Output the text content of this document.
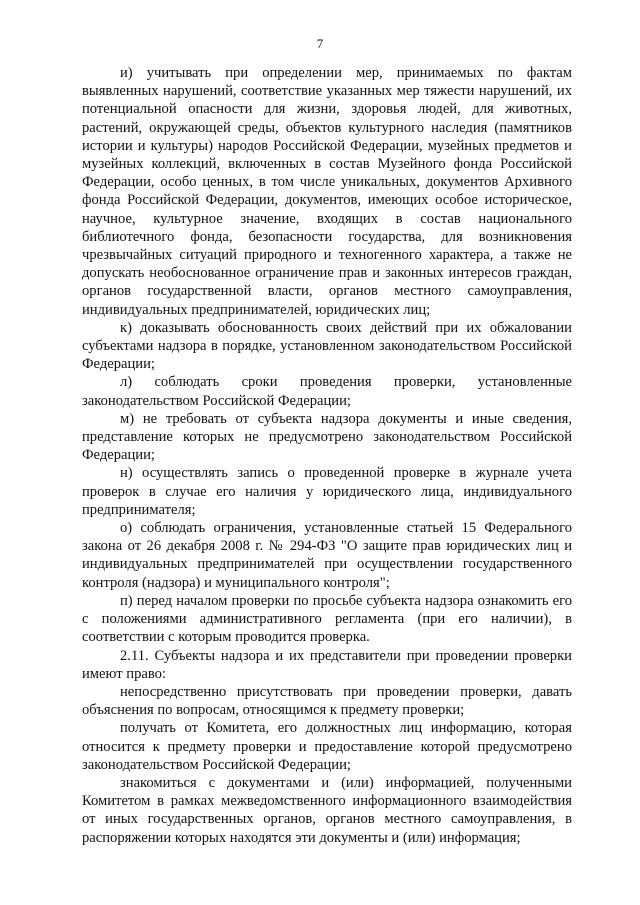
7

и) учитывать при определении мер, принимаемых по фактам выявленных нарушений, соответствие указанных мер тяжести нарушений, их потенциальной опасности для жизни, здоровья людей, для животных, растений, окружающей среды, объектов культурного наследия (памятников истории и культуры) народов Российской Федерации, музейных предметов и музейных коллекций, включенных в состав Музейного фонда Российской Федерации, особо ценных, в том числе уникальных, документов Архивного фонда Российской Федерации, документов, имеющих особое историческое, научное, культурное значение, входящих в состав национального библиотечного фонда, безопасности государства, для возникновения чрезвычайных ситуаций природного и техногенного характера, а также не допускать необоснованное ограничение прав и законных интересов граждан, органов государственной власти, органов местного самоуправления, индивидуальных предпринимателей, юридических лиц;

к) доказывать обоснованность своих действий при их обжаловании субъектами надзора в порядке, установленном законодательством Российской Федерации;

л) соблюдать сроки проведения проверки, установленные законодательством Российской Федерации;

м) не требовать от субъекта надзора документы и иные сведения, представление которых не предусмотрено законодательством Российской Федерации;

н) осуществлять запись о проведенной проверке в журнале учета проверок в случае его наличия у юридического лица, индивидуального предпринимателя;

о) соблюдать ограничения, установленные статьей 15 Федерального закона от 26 декабря 2008 г. № 294-ФЗ "О защите прав юридических лиц и индивидуальных предпринимателей при осуществлении государственного контроля (надзора) и муниципального контроля";

п) перед началом проверки по просьбе субъекта надзора ознакомить его с положениями административного регламента (при его наличии), в соответствии с которым проводится проверка.

2.11. Субъекты надзора и их представители при проведении проверки имеют право:

непосредственно присутствовать при проведении проверки, давать объяснения по вопросам, относящимся к предмету проверки;

получать от Комитета, его должностных лиц информацию, которая относится к предмету проверки и предоставление которой предусмотрено законодательством Российской Федерации;

знакомиться с документами и (или) информацией, полученными Комитетом в рамках межведомственного информационного взаимодействия от иных государственных органов, органов местного самоуправления, в распоряжении которых находятся эти документы и (или) информация;
